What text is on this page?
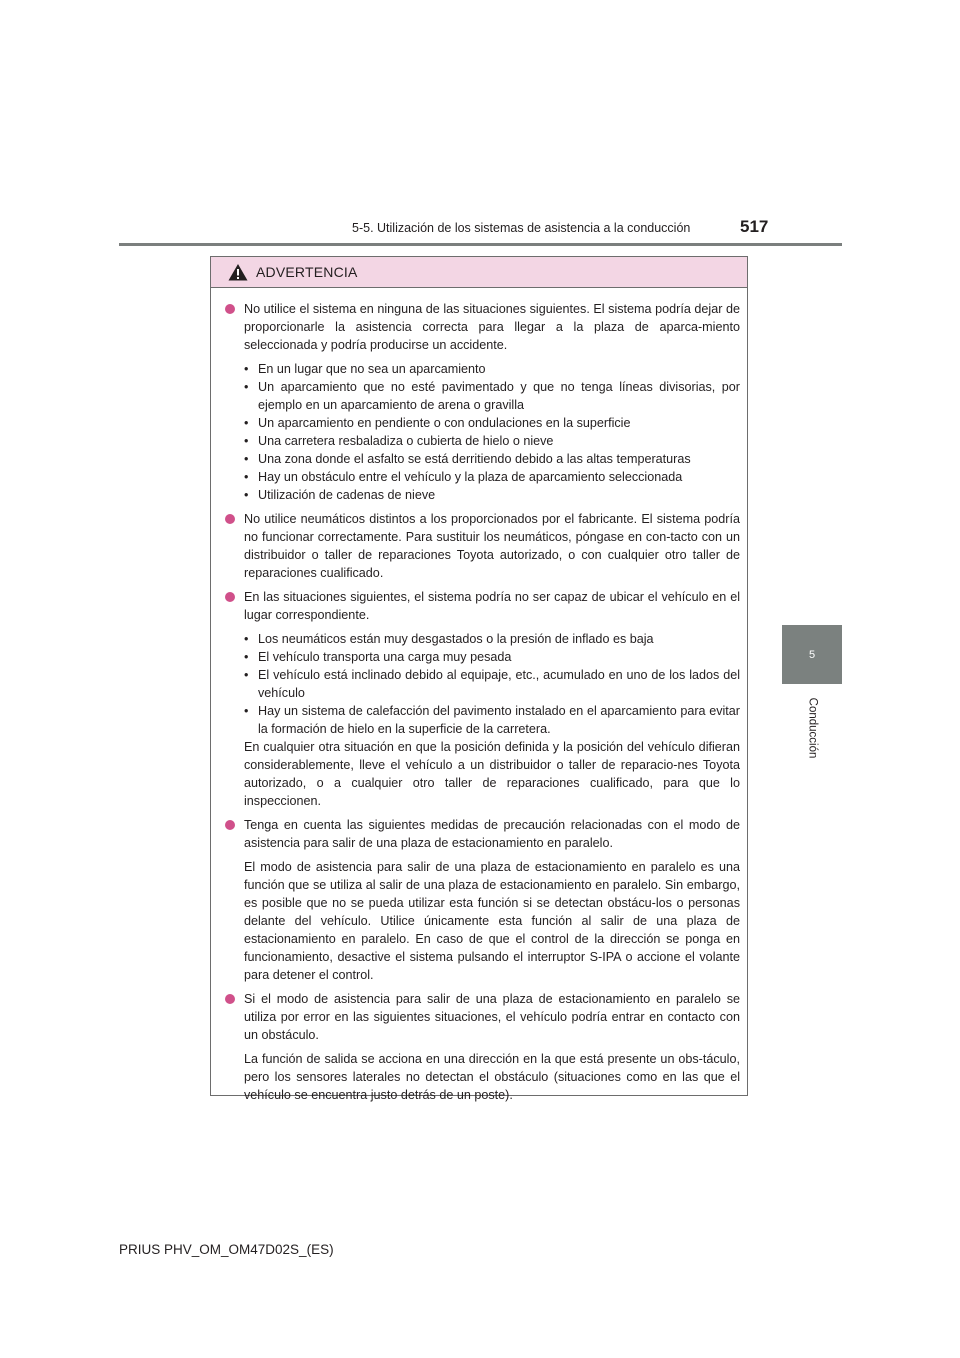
5-5. Utilización de los sistemas de asistencia a la conducción	517
5
Conducción
ADVERTENCIA
No utilice el sistema en ninguna de las situaciones siguientes. El sistema podría dejar de proporcionarle la asistencia correcta para llegar a la plaza de aparca-miento seleccionada y podría producirse un accidente.
• En un lugar que no sea un aparcamiento
• Un aparcamiento que no esté pavimentado y que no tenga líneas divisorias, por ejemplo en un aparcamiento de arena o gravilla
• Un aparcamiento en pendiente o con ondulaciones en la superficie
• Una carretera resbaladiza o cubierta de hielo o nieve
• Una zona donde el asfalto se está derritiendo debido a las altas temperaturas
• Hay un obstáculo entre el vehículo y la plaza de aparcamiento seleccionada
• Utilización de cadenas de nieve
No utilice neumáticos distintos a los proporcionados por el fabricante. El sistema podría no funcionar correctamente. Para sustituir los neumáticos, póngase en con-tacto con un distribuidor o taller de reparaciones Toyota autorizado, o con cualquier otro taller de reparaciones cualificado.
En las situaciones siguientes, el sistema podría no ser capaz de ubicar el vehículo en el lugar correspondiente.
• Los neumáticos están muy desgastados o la presión de inflado es baja
• El vehículo transporta una carga muy pesada
• El vehículo está inclinado debido al equipaje, etc., acumulado en uno de los lados del vehículo
• Hay un sistema de calefacción del pavimento instalado en el aparcamiento para evitar la formación de hielo en la superficie de la carretera.
En cualquier otra situación en que la posición definida y la posición del vehículo difieran considerablemente, lleve el vehículo a un distribuidor o taller de reparacio-nes Toyota autorizado, o a cualquier otro taller de reparaciones cualificado, para que lo inspeccionen.
Tenga en cuenta las siguientes medidas de precaución relacionadas con el modo de asistencia para salir de una plaza de estacionamiento en paralelo.
El modo de asistencia para salir de una plaza de estacionamiento en paralelo es una función que se utiliza al salir de una plaza de estacionamiento en paralelo. Sin embargo, es posible que no se pueda utilizar esta función si se detectan obstácu-los o personas delante del vehículo. Utilice únicamente esta función al salir de una plaza de estacionamiento en paralelo. En caso de que el control de la dirección se ponga en funcionamiento, desactive el sistema pulsando el interruptor S-IPA o accione el volante para detener el control.
Si el modo de asistencia para salir de una plaza de estacionamiento en paralelo se utiliza por error en las siguientes situaciones, el vehículo podría entrar en contacto con un obstáculo.
La función de salida se acciona en una dirección en la que está presente un obs-táculo, pero los sensores laterales no detectan el obstáculo (situaciones como en las que el vehículo se encuentra justo detrás de un poste).
PRIUS PHV_OM_OM47D02S_(ES)
